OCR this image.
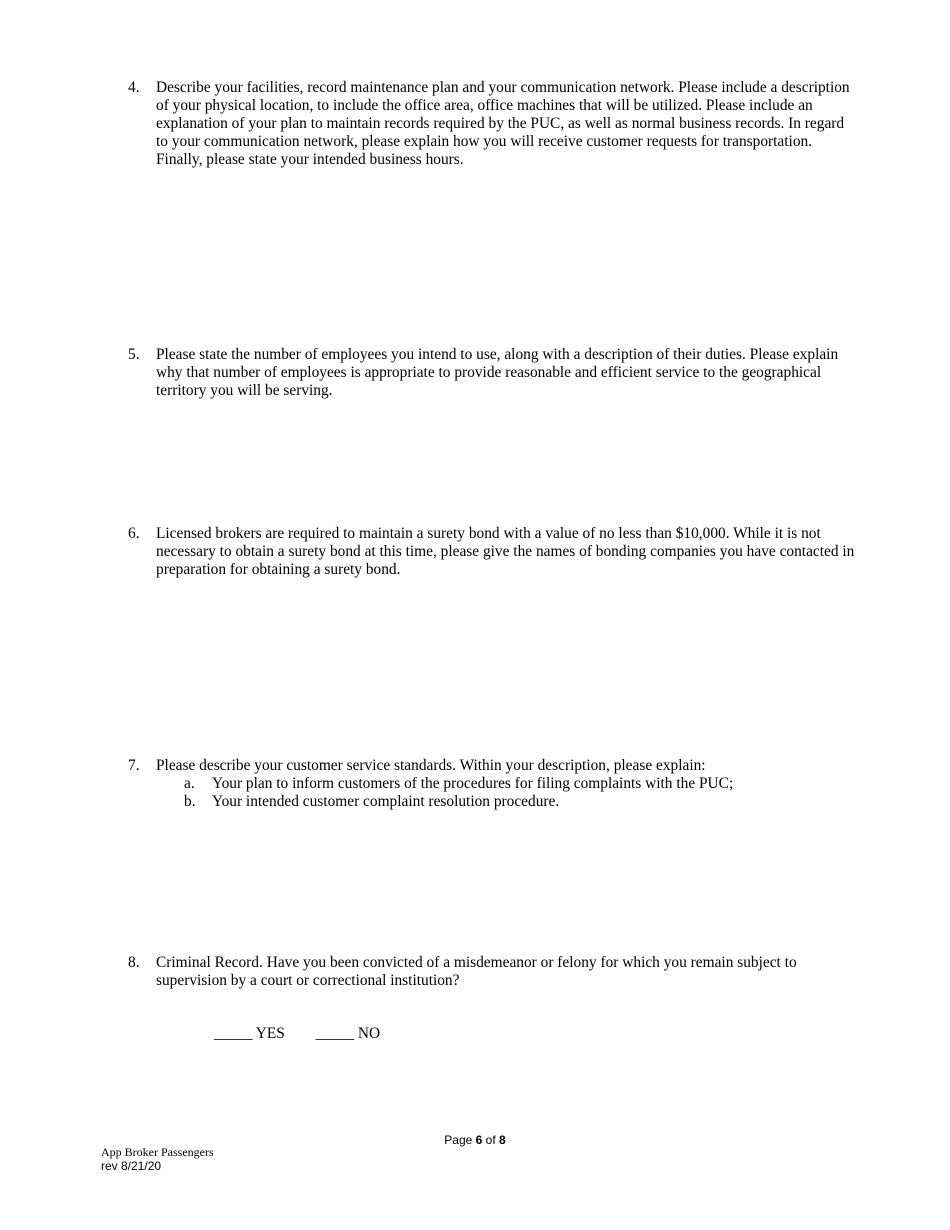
4. Describe your facilities, record maintenance plan and your communication network. Please include a description of your physical location, to include the office area, office machines that will be utilized. Please include an explanation of your plan to maintain records required by the PUC, as well as normal business records. In regard to your communication network, please explain how you will receive customer requests for transportation. Finally, please state your intended business hours.
5. Please state the number of employees you intend to use, along with a description of their duties. Please explain why that number of employees is appropriate to provide reasonable and efficient service to the geographical territory you will be serving.
6. Licensed brokers are required to maintain a surety bond with a value of no less than $10,000. While it is not necessary to obtain a surety bond at this time, please give the names of bonding companies you have contacted in preparation for obtaining a surety bond.
7. Please describe your customer service standards. Within your description, please explain:
a. Your plan to inform customers of the procedures for filing complaints with the PUC;
b. Your intended customer complaint resolution procedure.
8. Criminal Record. Have you been convicted of a misdemeanor or felony for which you remain subject to supervision by a court or correctional institution?
_____ YES _____ NO
Page 6 of 8
App Broker Passengers
rev 8/21/20
